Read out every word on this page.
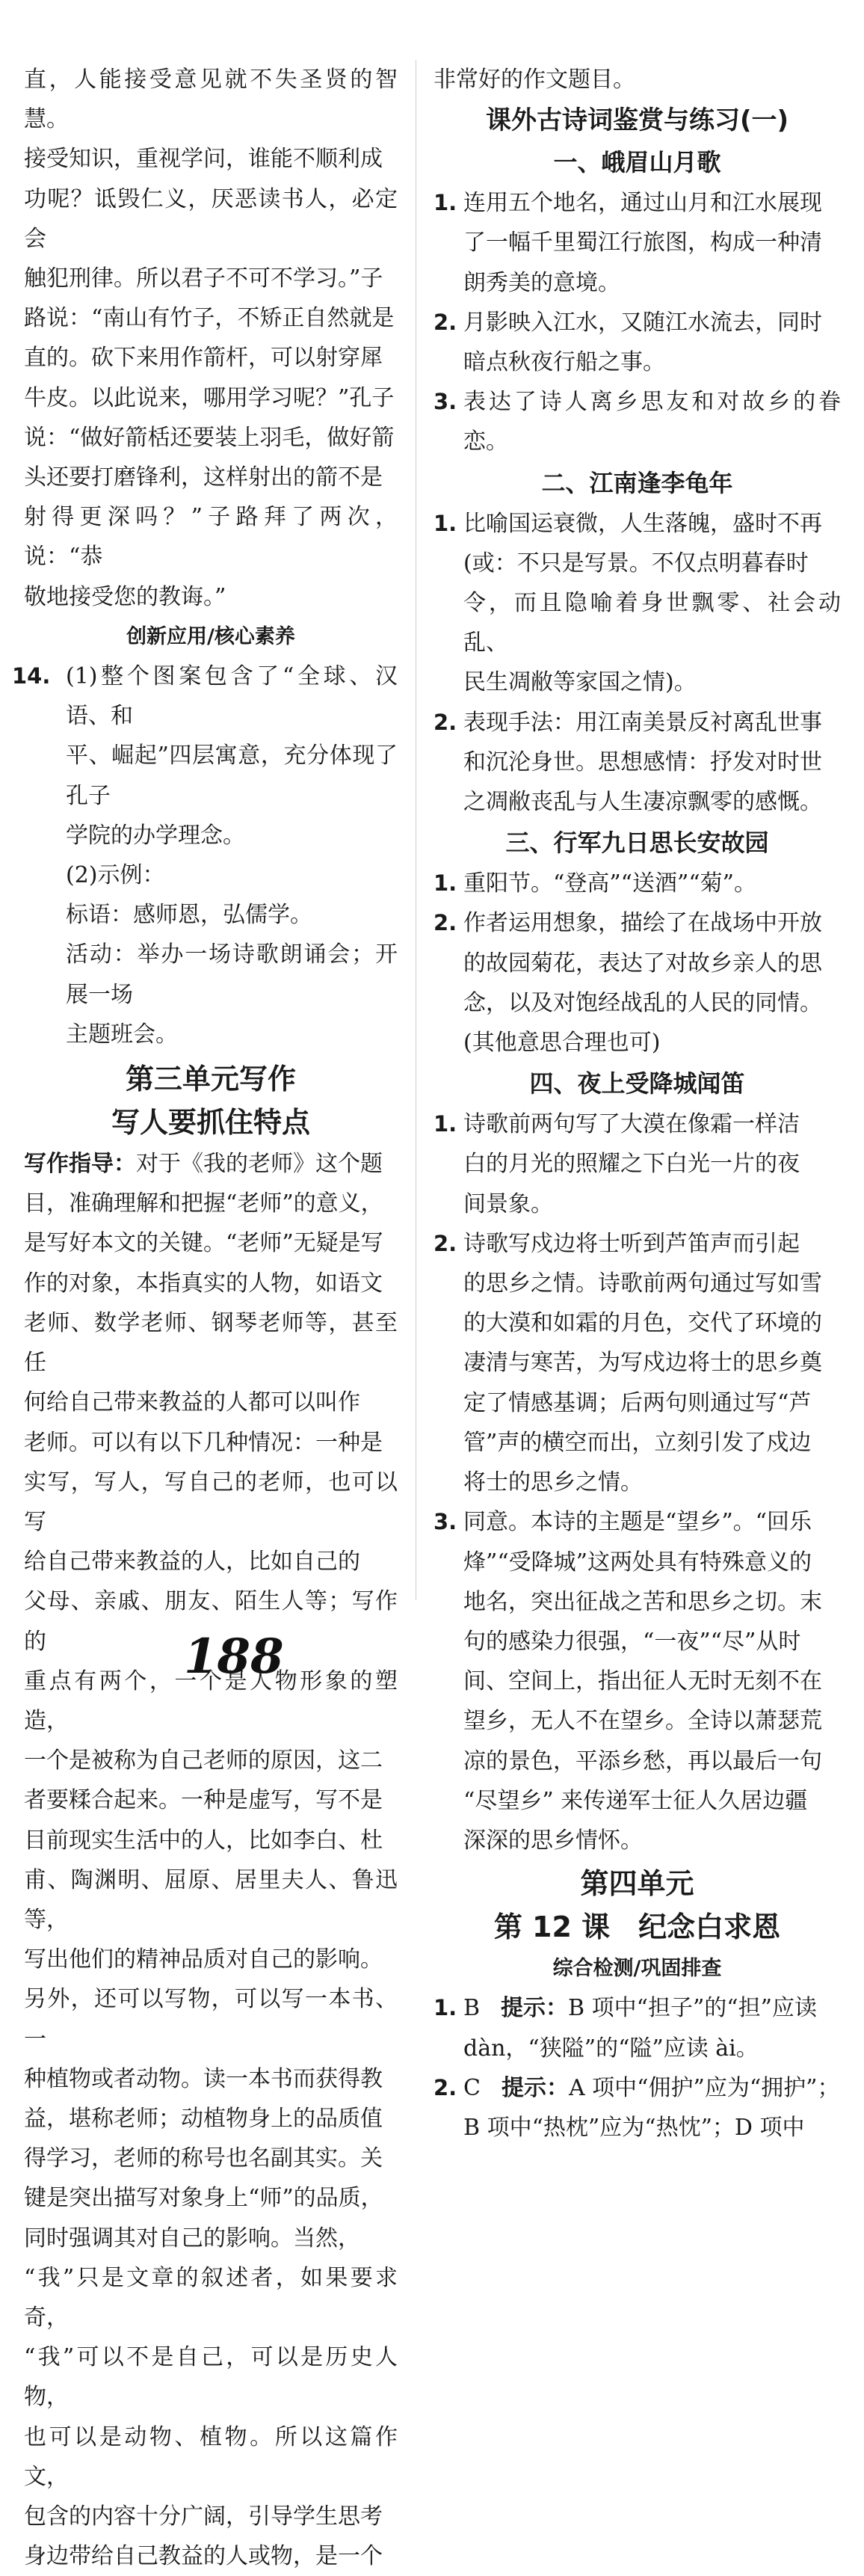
直，人能接受意见就不失圣贤的智慧。

接受知识，重视学问，谁能不顺利成

功呢？诋毁仁义，厌恶读书人，必定会

触犯刑律。所以君子不可不学习。”子

路说：“南山有竹子，不矫正自然就是

直的。砍下来用作箭杆，可以射穿犀

牛皮。以此说来，哪用学习呢？”孔子

说：“做好箭栝还要装上羽毛，做好箭

头还要打磨锋利，这样射出的箭不是

射得更深吗？”子路拜了两次，说：“恭

敬地接受您的教诲。”

创新应用/核心素养

14. (1)整个图案包含了“全球、汉语、和

平、崛起”四层寓意，充分体现了孔子

学院的办学理念。

(2)示例：

标语：感师恩，弘儒学。

活动：举办一场诗歌朗诵会；开展一场

主题班会。

第三单元写作

写人要抓住特点

写作指导：对于《我的老师》这个题

目，准确理解和把握“老师”的意义，

是写好本文的关键。“老师”无疑是写

作的对象，本指真实的人物，如语文

老师、数学老师、钢琴老师等，甚至任

何给自己带来教益的人都可以叫作

老师。可以有以下几种情况：一种是

实写，写人，写自己的老师，也可以写

给自己带来教益的人，比如自己的

父母、亲戚、朋友、陌生人等；写作的

重点有两个，一个是人物形象的塑造，

一个是被称为自己老师的原因，这二

者要糅合起来。一种是虚写，写不是

目前现实生活中的人，比如李白、杜

甫、陶渊明、屈原、居里夫人、鲁迅等，

写出他们的精神品质对自己的影响。

另外，还可以写物，可以写一本书、一

种植物或者动物。读一本书而获得教

益，堪称老师；动植物身上的品质值

得学习，老师的称号也名副其实。关

键是突出描写对象身上“师”的品质，

同时强调其对自己的影响。当然，

“我”只是文章的叙述者，如果要求奇，

“我”可以不是自己，可以是历史人物，

也可以是动物、植物。所以这篇作文，

包含的内容十分广阔，引导学生思考

身边带给自己教益的人或物，是一个

非常好的作文题目。

课外古诗词鉴赏与练习(一)

一、峨眉山月歌

1. 连用五个地名，通过山月和江水展现

了一幅千里蜀江行旅图，构成一种清

朗秀美的意境。

2. 月影映入江水，又随江水流去，同时

暗点秋夜行船之事。

3. 表达了诗人离乡思友和对故乡的眷恋。

二、江南逢李龟年

1. 比喻国运衰微，人生落魄，盛时不再

(或：不只是写景。不仅点明暮春时

令，而且隐喻着身世飘零、社会动乱、

民生凋敝等家国之情)。

2. 表现手法：用江南美景反衬离乱世事

和沉沦身世。思想感情：抒发对时世

之凋敝丧乱与人生凄凉飘零的感慨。

三、行军九日思长安故园

1. 重阳节。“登高”“送酒”“菊”。

2. 作者运用想象，描绘了在战场中开放

的故园菊花，表达了对故乡亲人的思

念，以及对饱经战乱的人民的同情。

(其他意思合理也可)

四、夜上受降城闻笛

1. 诗歌前两句写了大漠在像霜一样洁

白的月光的照耀之下白光一片的夜

间景象。

2. 诗歌写戍边将士听到芦笛声而引起

的思乡之情。诗歌前两句通过写如雪

的大漠和如霜的月色，交代了环境的

凄清与寒苦，为写戍边将士的思乡奠

定了情感基调；后两句则通过写“芦

管”声的横空而出，立刻引发了戍边

将士的思乡之情。

3. 同意。本诗的主题是“望乡”。“回乐

烽”“受降城”这两处具有特殊意义的

地名，突出征战之苦和思乡之切。末

句的感染力很强，“一夜”“尽”从时

间、空间上，指出征人无时无刻不在

望乡，无人不在望乡。全诗以萧瑟荒

凉的景色，平添乡愁，再以最后一句

“尽望乡” 来传递军士征人久居边疆

深深的思乡情怀。

第四单元

第 12 课　纪念白求恩

综合检测/巩固排查

1. B 提示：B 项中“担子”的“担”应读

dàn，“狭隘”的“隘”应读 ài。

2. C 提示：A 项中“佣护”应为“拥护”；

B 项中“热枕”应为“热忱”；D 项中

188
